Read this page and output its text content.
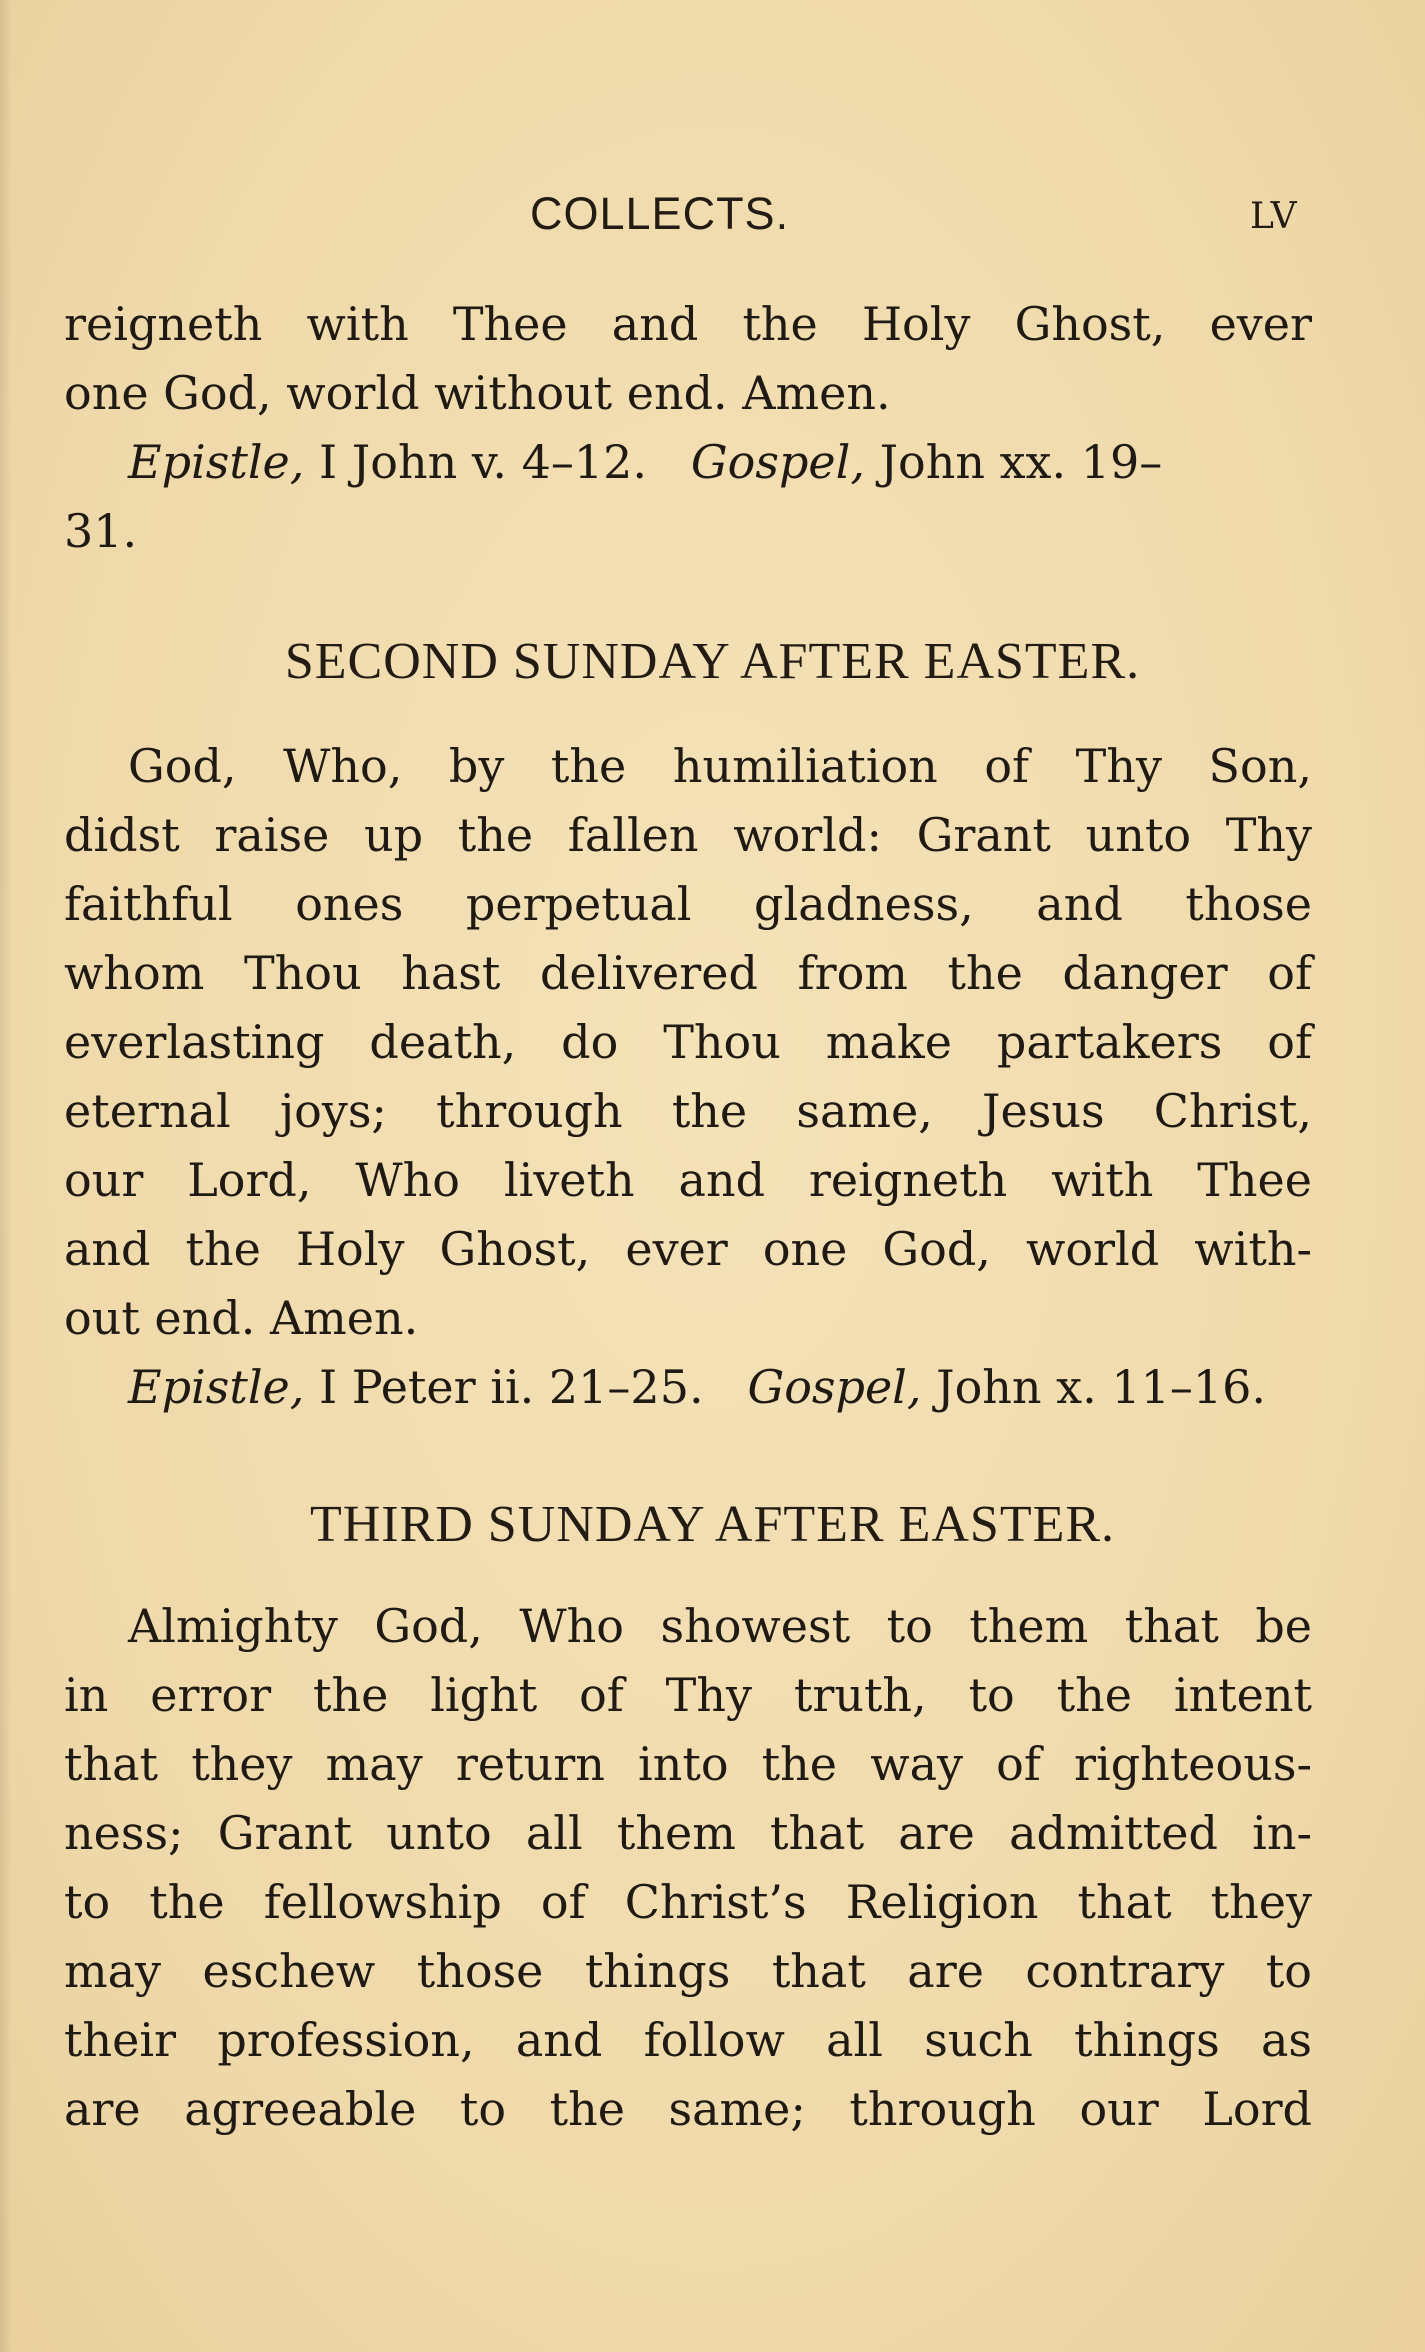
COLLECTS.	LV
reigneth with Thee and the Holy Ghost, ever
one God, world without end. Amen.
Epistle, I John v. 4–12. Gospel, John xx. 19–
31.
SECOND SUNDAY AFTER EASTER.
God, Who, by the humiliation of Thy Son,
didst raise up the fallen world: Grant unto Thy
faithful ones perpetual gladness, and those
whom Thou hast delivered from the danger of
everlasting death, do Thou make partakers of
eternal joys; through the same, Jesus Christ,
our Lord, Who liveth and reigneth with Thee
and the Holy Ghost, ever one God, world with-
out end. Amen.
Epistle, I Peter ii. 21–25. Gospel, John x. 11–16.
THIRD SUNDAY AFTER EASTER.
Almighty God, Who showest to them that be
in error the light of Thy truth, to the intent
that they may return into the way of righteous-
ness; Grant unto all them that are admitted in-
to the fellowship of Christ’s Religion that they
may eschew those things that are contrary to
their profession, and follow all such things as
are agreeable to the same; through our Lord
